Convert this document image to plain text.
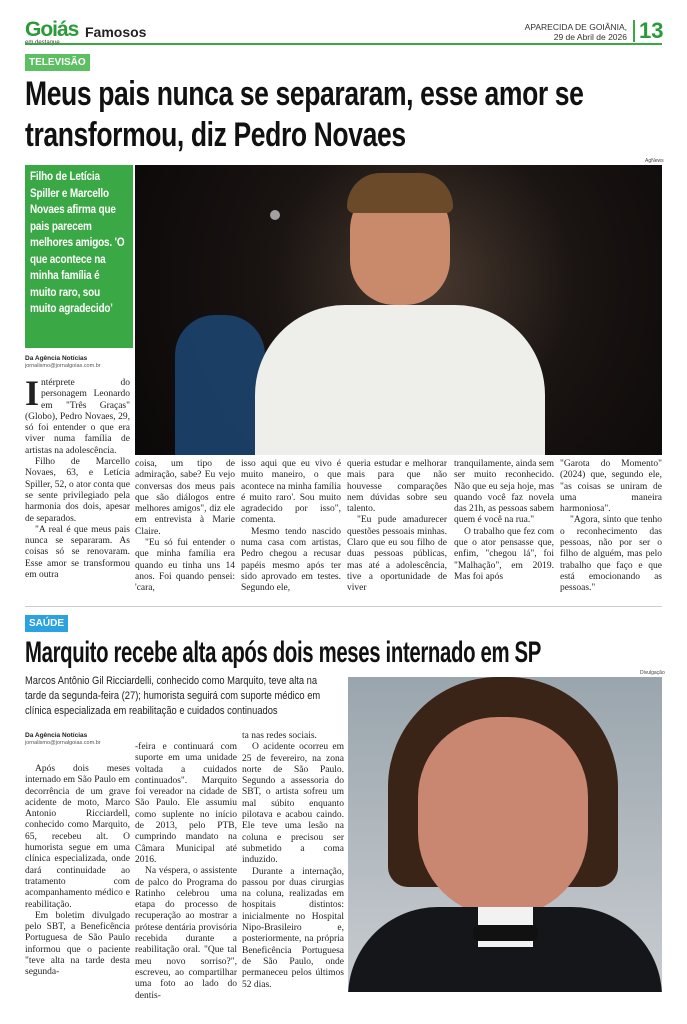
Goiás Famosos	APARECIDA DE GOIÂNIA,
29 de Abril de 2026 13
TELEVISÃO
Meus pais nunca se separaram, esse amor se transformou, diz Pedro Novaes
AgNews
Filho de Letícia Spiller e Marcello Novaes afirma que pais parecem melhores amigos. 'O que acontece na minha família é muito raro, sou muito agradecido'
Da Agência Notícias
jornalismo@jornalgoias.com.br

Intérprete do personagem Leonardo em "Três Graças" (Globo), Pedro Novaes, 29, só foi entender o que era viver numa família de artistas na adolescência.

Filho de Marcello Novaes, 63, e Letícia Spiller, 52, o ator conta que se sente privilegiado pela harmonia dos dois, apesar de separados.

"A real é que meus pais nunca se separaram. As coisas só se renovaram. Esse amor se transformou em outra

coisa, um tipo de admiração, sabe? Eu vejo conversas dos meus pais que são diálogos entre melhores amigos", diz ele em entrevista à Marie Claire.

"Eu só fui entender o que minha família era quando eu tinha uns 14 anos. Foi quando pensei: 'cara,

isso aqui que eu vivo é muito maneiro, o que acontece na minha família é muito raro'. Sou muito agradecido por isso", comenta.

Mesmo tendo nascido numa casa com artistas, Pedro chegou a recusar papéis mesmo após ter sido aprovado em testes. Segundo ele,

queria estudar e melhorar mais para que não houvesse comparações nem dúvidas sobre seu talento.

"Eu pude amadurecer questões pessoais minhas. Claro que eu sou filho de duas pessoas públicas, mas até a adolescência, tive a oportunidade de viver

tranquilamente, ainda sem ser muito reconhecido. Não que eu seja hoje, mas quando você faz novela das 21h, as pessoas sabem quem é você na rua."

O trabalho que fez com que o ator pensasse que, enfim, "chegou lá", foi "Malhação", em 2019. Mas foi após

"Garota do Momento" (2024) que, segundo ele, "as coisas se uniram de uma maneira harmoniosa".

"Agora, sinto que tenho o reconhecimento das pessoas, não por ser o filho de alguém, mas pelo trabalho que faço e que está emocionando as pessoas."

SAÚDE
Marquito recebe alta após dois meses internado em SP
Marcos Antônio Gil Ricciardelli, conhecido como Marquito, teve alta na tarde da segunda-feira (27); humorista seguirá com suporte médico em clínica especializada em reabilitação e cuidados continuados
Divulgação
Da Agência Notícias
jornalismo@jornalgoias.com.br

Após dois meses internado em São Paulo em decorrência de um grave acidente de moto, Marco Antonio Ricciardell, conhecido como Marquito, 65, recebeu alt. O humorista segue em uma clínica especializada, onde dará continuidade ao tratamento com acompanhamento médico e reabilitação.

Em boletim divulgado pelo SBT, a Beneficência Portuguesa de São Paulo informou que o paciente "teve alta na tarde desta segunda-

-feira e continuará com suporte em uma unidade voltada a cuidados continuados". Marquito foi vereador na cidade de São Paulo. Ele assumiu como suplente no início de 2013, pelo PTB, cumprindo mandato na Câmara Municipal até 2016.

Na véspera, o assistente de palco do Programa do Ratinho celebrou uma etapa do processo de recuperação ao mostrar a prótese dentária provisória recebida durante a reabilitação oral. "Que tal meu novo sorriso?", escreveu, ao compartilhar uma foto ao lado do dentis-

ta nas redes sociais.

O acidente ocorreu em 25 de fevereiro, na zona norte de São Paulo. Segundo a assessoria do SBT, o artista sofreu um mal súbito enquanto pilotava e acabou caindo. Ele teve uma lesão na coluna e precisou ser submetido a coma induzido.

Durante a internação, passou por duas cirurgias na coluna, realizadas em hospitais distintos: inicialmente no Hospital Nipo-Brasileiro e, posteriormente, na própria Beneficência Portuguesa de São Paulo, onde permaneceu pelos últimos 52 dias.
